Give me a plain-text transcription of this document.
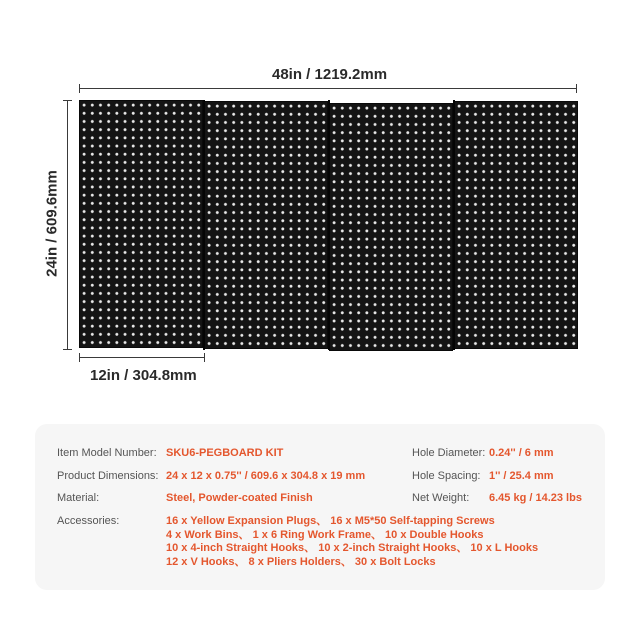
48in / 1219.2mm
24in / 609.6mm
12in / 304.8mm
Item Model Number: SKU6-PEGBOARD KIT
Product Dimensions: 24 x 12 x 0.75'' / 609.6 x 304.8 x 19 mm
Material:	Steel, Powder-coated Finish
Accessories:	16 x Yellow Expansion Plugs、 16 x M5*50 Self-tapping Screws
4 x Work Bins、 1 x 6 Ring Work Frame、 10 x Double Hooks
10 x 4-inch Straight Hooks、 10 x 2-inch Straight Hooks、 10 x L Hooks
12 x V Hooks、 8 x Pliers Holders、 30 x Bolt Locks
Hole Diameter: 0.24'' / 6 mm
Hole Spacing: 1'' / 25.4 mm
Net Weight: 6.45 kg / 14.23 lbs
